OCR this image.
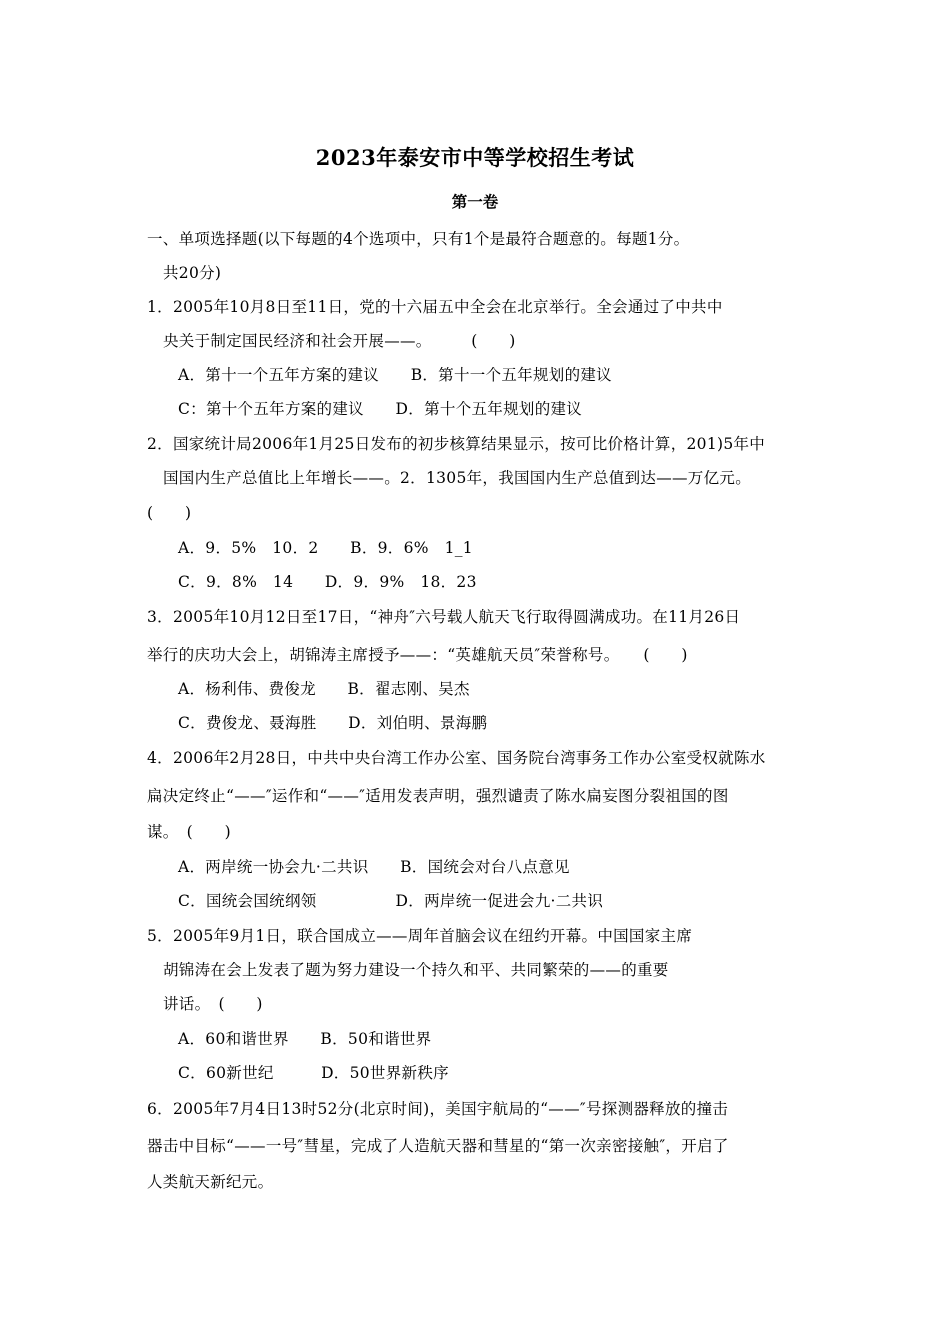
2023年泰安市中等学校招生考试
第一卷
一、单项选择题(以下每题的4个选项中，只有1个是最符合题意的。每题1分。
共20分)
1．2005年10月8日至11日，党的十六届五中全会在北京举行。全会通过了中共中
央关于制定国民经济和社会开展——。　　　(　　)
A．第十一个五年方案的建议　　B．第十一个五年规划的建议
C：第十个五年方案的建议　　D．第十个五年规划的建议
2．国家统计局2006年1月25日发布的初步核算结果显示，按可比价格计算，201)5年中
国国内生产总值比上年增长——。2．1305年，我国国内生产总值到达——万亿元。
(　　)
A．9．5%　10．2　　B．9．6%　1_1
C．9．8%　14　　D．9．9%　18．23
3．2005年10月12日至17日，“神舟″六号载人航天飞行取得圆满成功。在11月26日
举行的庆功大会上，胡锦涛主席授予——：“英雄航天员″荣誉称号。　　(　　)
A．杨利伟、费俊龙　　B．翟志刚、吴杰
C．费俊龙、聂海胜　　D．刘伯明、景海鹏
4．2006年2月28日，中共中央台湾工作办公室、国务院台湾事务工作办公室受权就陈水
扁决定终止“——″运作和“——″适用发表声明，强烈谴责了陈水扁妄图分裂祖国的图
谋。　(　　)
A．两岸统一协会九·二共识　　B．国统会对台八点意见
C．国统会国统纲领　　　　　D．两岸统一促进会九·二共识
5．2005年9月1日，联合国成立——周年首脑会议在纽约开幕。中国国家主席
胡锦涛在会上发表了题为努力建设一个持久和平、共同繁荣的——的重要
讲话。　(　　)
A．60和谐世界　　B．50和谐世界
C．60新世纪　　　D．50世界新秩序
6．2005年7月4日13时52分(北京时间)，美国宇航局的“——″号探测器释放的撞击
器击中目标“——一号″彗星，完成了人造航天器和彗星的“第一次亲密接触″，开启了
人类航天新纪元。
